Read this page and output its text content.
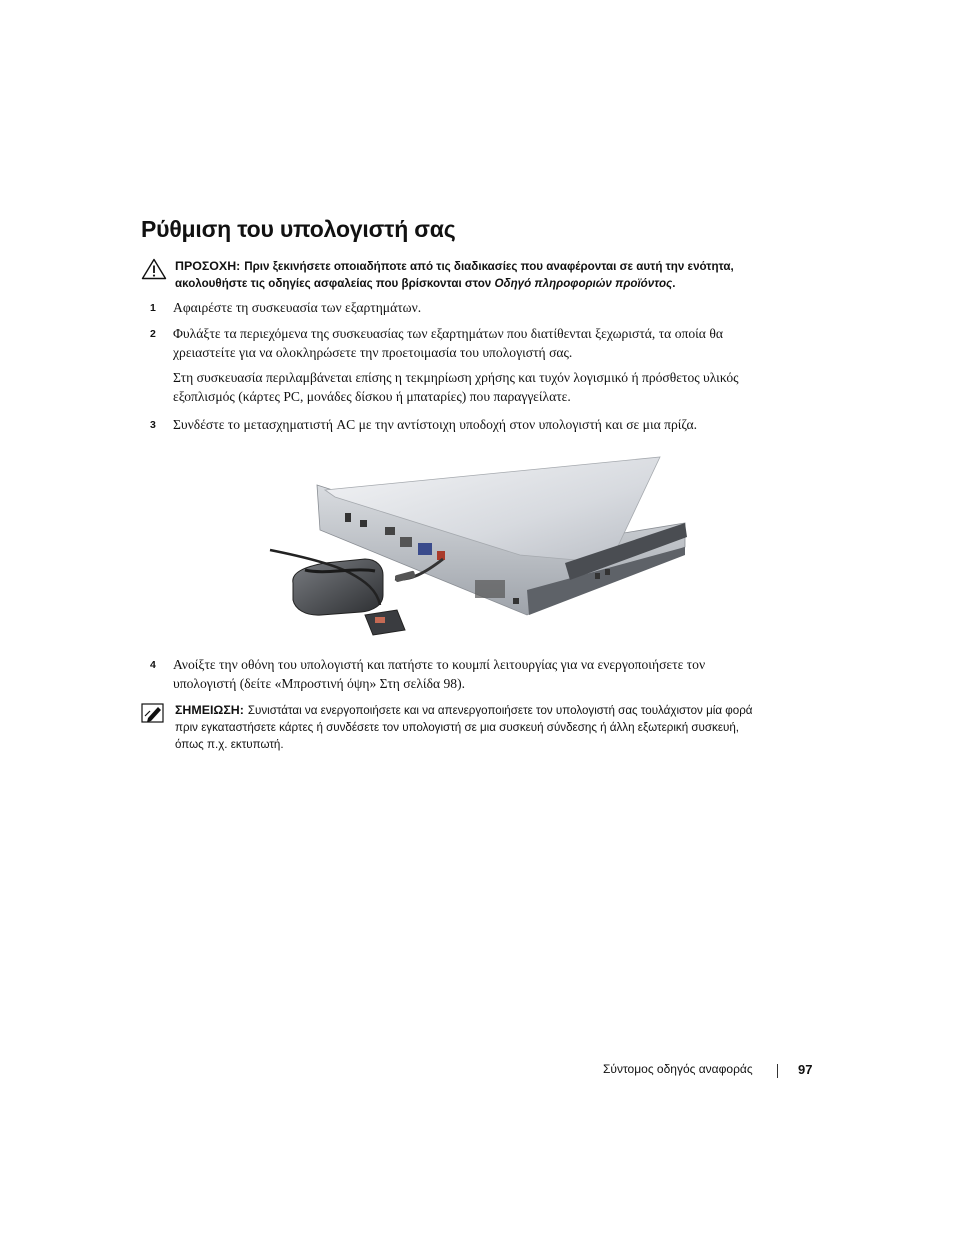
Ρύθμιση του υπολογιστή σας
ΠΡΟΣΟΧΗ: Πριν ξεκινήσετε οποιαδήποτε από τις διαδικασίες που αναφέρονται σε αυτή την ενότητα,
ακολουθήστε τις οδηγίες ασφαλείας που βρίσκονται στον Οδηγό πληροφοριών προϊόντος.
1 Αφαιρέστε τη συσκευασία των εξαρτημάτων.
2 Φυλάξτε τα περιεχόμενα της συσκευασίας των εξαρτημάτων που διατίθενται ξεχωριστά, τα οποία θα
χρειαστείτε για να ολοκληρώσετε την προετοιμασία του υπολογιστή σας.
Στη συσκευασία περιλαμβάνεται επίσης η τεκμηρίωση χρήσης και τυχόν λογισμικό ή πρόσθετος υλικός
εξοπλισμός (κάρτες PC, μονάδες δίσκου ή μπαταρίες) που παραγγείλατε.
3 Συνδέστε το μετασχηματιστή AC με την αντίστοιχη υποδοχή στον υπολογιστή και σε μια πρίζα.
4 Ανοίξτε την οθόνη του υπολογιστή και πατήστε το κουμπί λειτουργίας για να ενεργοποιήσετε τον
υπολογιστή (δείτε «Μπροστινή όψη» Στη σελίδα 98).
ΣΗΜΕΙΩΣΗ: Συνιστάται να ενεργοποιήσετε και να απενεργοποιήσετε τον υπολογιστή σας τουλάχιστον μία φορά
πριν εγκαταστήσετε κάρτες ή συνδέσετε τον υπολογιστή σε μια συσκευή σύνδεσης ή άλλη εξωτερική συσκευή,
όπως π.χ. εκτυπωτή.
Σύντομος οδηγός αναφοράς	97
